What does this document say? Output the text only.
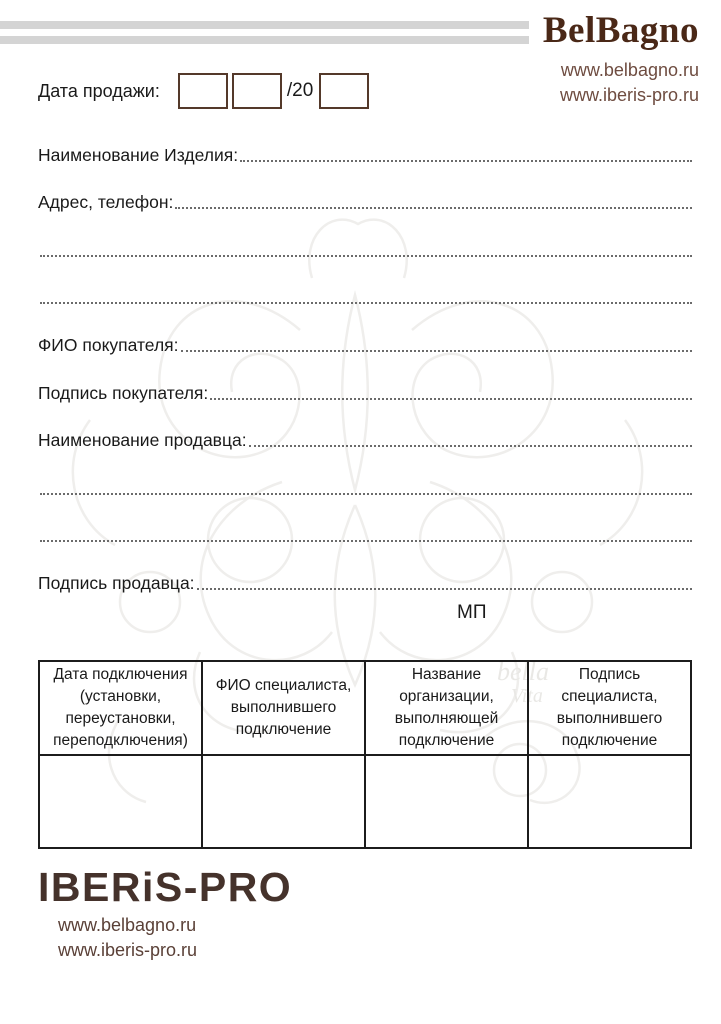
bella
Vita
BelBagno
www.belbagno.ru
www.iberis-pro.ru
Дата продажи:	/20
Наименование Изделия:
Адрес, телефон:
ФИО покупателя:
Подпись покупателя:
Наименование продавца:
Подпись продавца:
МП
Дата подключения (установки, переустановки, переподключения)	ФИО специалиста, выполнившего подключение	Название организации, выполняющей подключение	Подпись специалиста, выполнившего подключение

IBERiS-PRO
www.belbagno.ru
www.iberis-pro.ru
